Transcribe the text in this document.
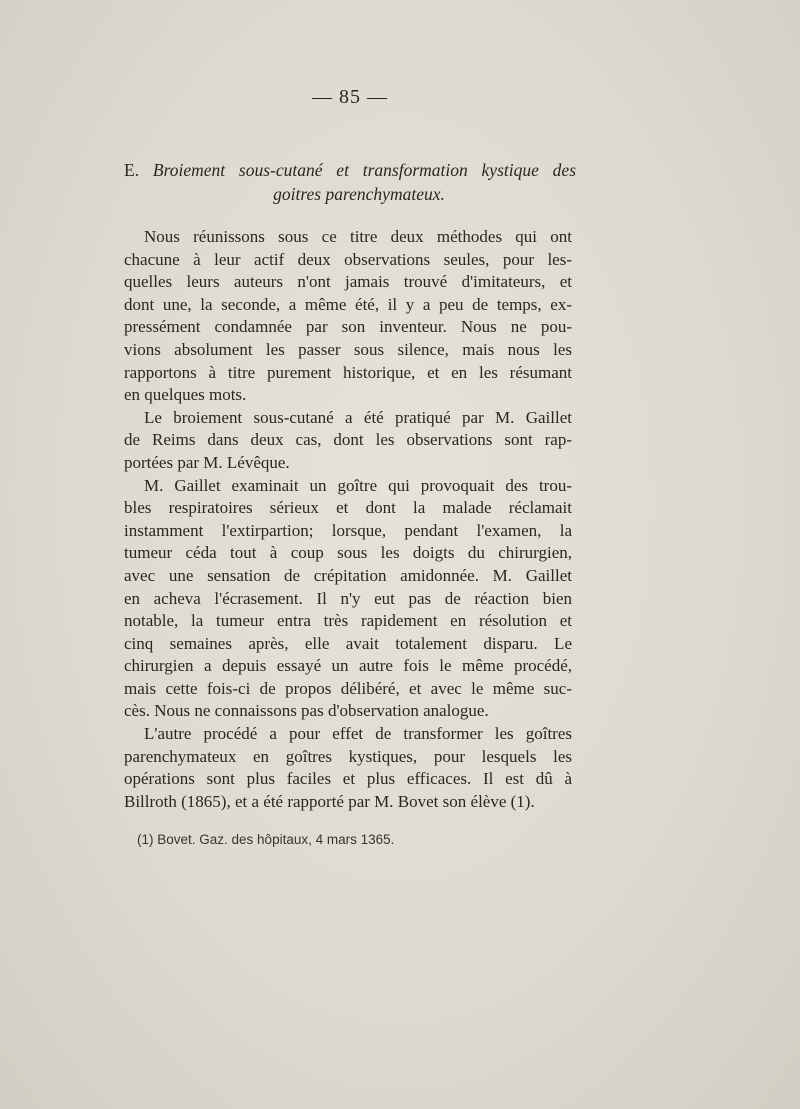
— 85 —
E. Broiement sous-cutané et transformation kystique des
goitres parenchymateux.
Nous réunissons sous ce titre deux méthodes qui ont
chacune à leur actif deux observations seules, pour les-
quelles leurs auteurs n'ont jamais trouvé d'imitateurs, et
dont une, la seconde, a même été, il y a peu de temps, ex-
pressément condamnée par son inventeur. Nous ne pou-
vions absolument les passer sous silence, mais nous les
rapportons à titre purement historique, et en les résumant
en quelques mots.
Le broiement sous-cutané a été pratiqué par M. Gaillet
de Reims dans deux cas, dont les observations sont rap-
portées par M. Lévêque.
M. Gaillet examinait un goître qui provoquait des trou-
bles respiratoires sérieux et dont la malade réclamait
instamment l'extirpartion; lorsque, pendant l'examen, la
tumeur céda tout à coup sous les doigts du chirurgien,
avec une sensation de crépitation amidonnée. M. Gaillet
en acheva l'écrasement. Il n'y eut pas de réaction bien
notable, la tumeur entra très rapidement en résolution et
cinq semaines après, elle avait totalement disparu. Le
chirurgien a depuis essayé un autre fois le même procédé,
mais cette fois-ci de propos délibéré, et avec le même suc-
cès. Nous ne connaissons pas d'observation analogue.
L'autre procédé a pour effet de transformer les goîtres
parenchymateux en goîtres kystiques, pour lesquels les
opérations sont plus faciles et plus efficaces. Il est dû à
Billroth (1865), et a été rapporté par M. Bovet son élève (1).
(1) Bovet. Gaz. des hôpitaux, 4 mars 1365.
